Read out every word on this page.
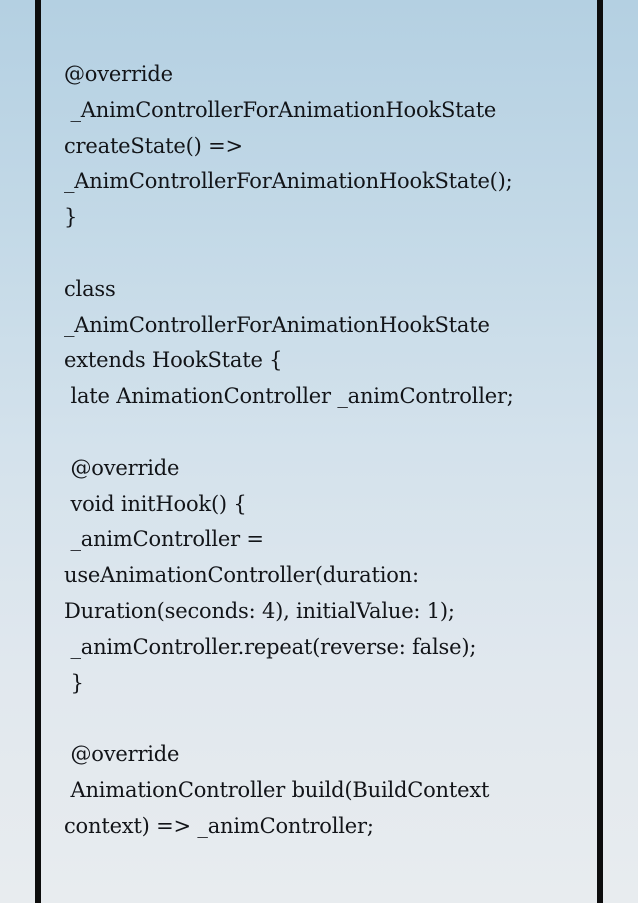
@override
_AnimControllerForAnimationHookState
createState() =>
_AnimControllerForAnimationHookState();
}
class
_AnimControllerForAnimationHookState
extends HookState {
late AnimationController _animController;
@override
void initHook() {
_animController =
useAnimationController(duration:
Duration(seconds: 4), initialValue: 1);
_animController.repeat(reverse: false);
}
@override
AnimationController build(BuildContext
context) => _animController;
